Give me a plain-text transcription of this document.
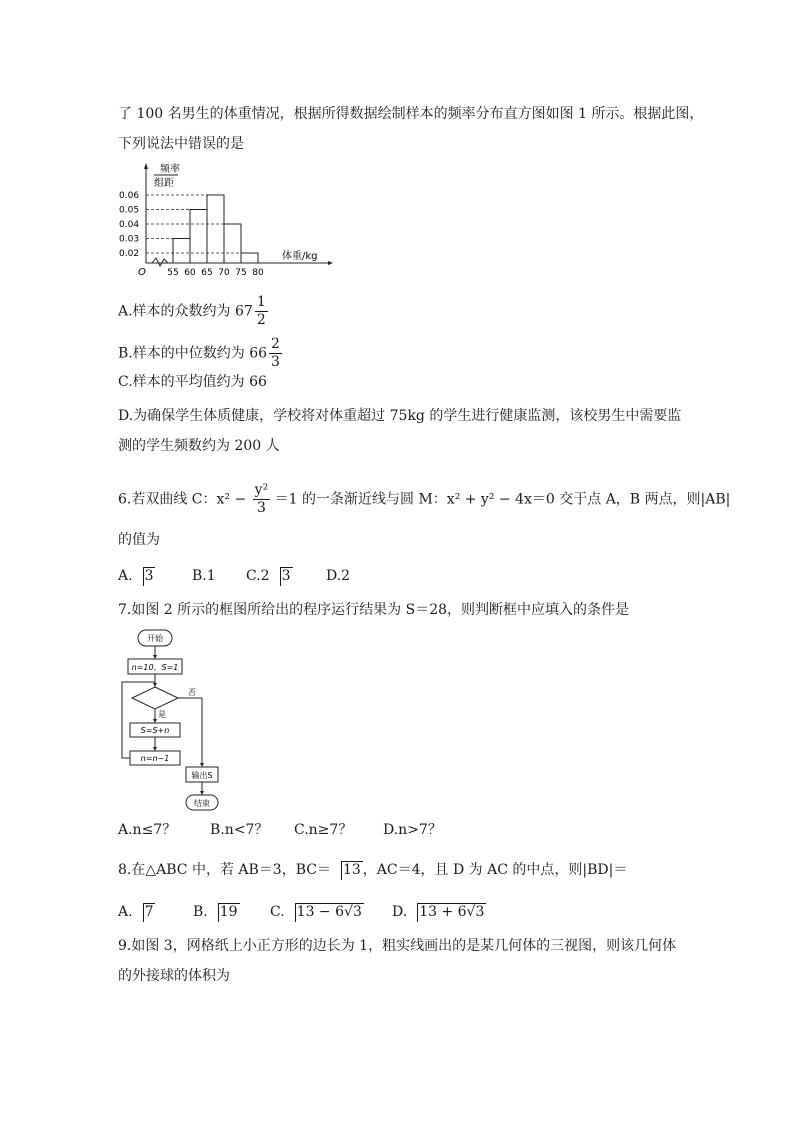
了 100 名男生的体重情况，根据所得数据绘制样本的频率分布直方图如图 1 所示。根据此图，
下列说法中错误的是
频率
组距
0.02
0.03
0.04
0.05
0.06
O 55 60 65 70 75 80
体重/kg
A.样本的众数约为 $67 \frac{1}{2}$
B.样本的中位数约为 $66 \frac{2}{3}$
C.样本的平均值约为 66
D.为确保学生体质健康，学校将对体重超过 75kg 的学生进行健康监测，该校男生中需要监
测的学生频数约为 200 人
6.若双曲线 C：$x^2 - \frac{\text{y²}}{3} =1$ 的一条渐近线与圆 M：x² + y² − 4x＝0 交于点 A，B 两点，则|AB|
的值为
A. 3	B.1 C.2 3	D.2
7.如图 2 所示的框图所给出的程序运行结果为 S＝28，则判断框中应填入的条件是
开始
n=10，S=1
否
是
S=S+n
n=n−1
输出S
结束
A.n≤7？ B.n<7？ C.n≥7？ D.n>7？
8.在△ABC 中，若 AB＝3，BC＝ 13 ，AC＝4，且 D 为 AC 的中点，则|BD|＝
A. 7	B. 19 C. 13 − 6√3 D. 13 + 6√3
9.如图 3，网格纸上小正方形的边长为 1，粗实线画出的是某几何体的三视图，则该几何体
的外接球的体积为
